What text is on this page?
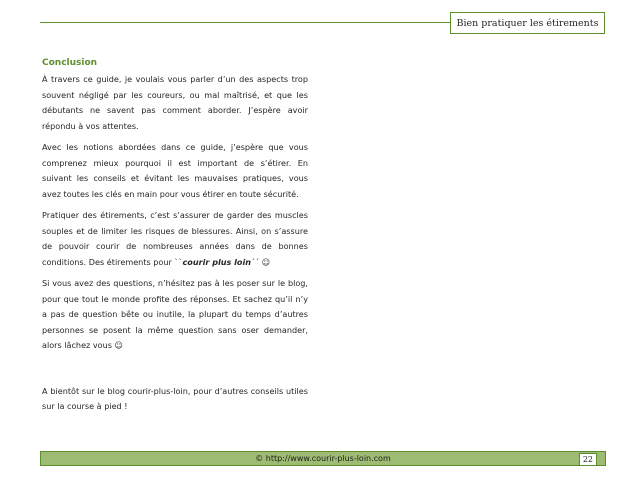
Bien pratiquer les étirements
Conclusion

À travers ce guide, je voulais vous parler d’un des aspects trop souvent négligé par les coureurs, ou mal maîtrisé, et que les débutants ne savent pas comment aborder. J’espère avoir répondu à vos attentes.

Avec les notions abordées dans ce guide, j’espère que vous comprenez mieux pourquoi il est important de s’étirer. En suivant les conseils et évitant les mauvaises pratiques, vous avez toutes les clés en main pour vous étirer en toute sécurité.

Pratiquer des étirements, c’est s’assurer de garder des muscles souples et de limiter les risques de blessures. Ainsi, on s’assure de pouvoir courir de nombreuses années dans de bonnes conditions. Des étirements pour ``courir plus loin´´ ☺

Si vous avez des questions, n’hésitez pas à les poser sur le blog, pour que tout le monde profite des réponses. Et sachez qu’il n’y a pas de question bête ou inutile, la plupart du temps d’autres personnes se posent la même question sans oser demander, alors lâchez vous ☺

A bientôt sur le blog courir-plus-loin, pour d’autres conseils utiles sur la course à pied !

© http://www.courir-plus-loin.com	22
